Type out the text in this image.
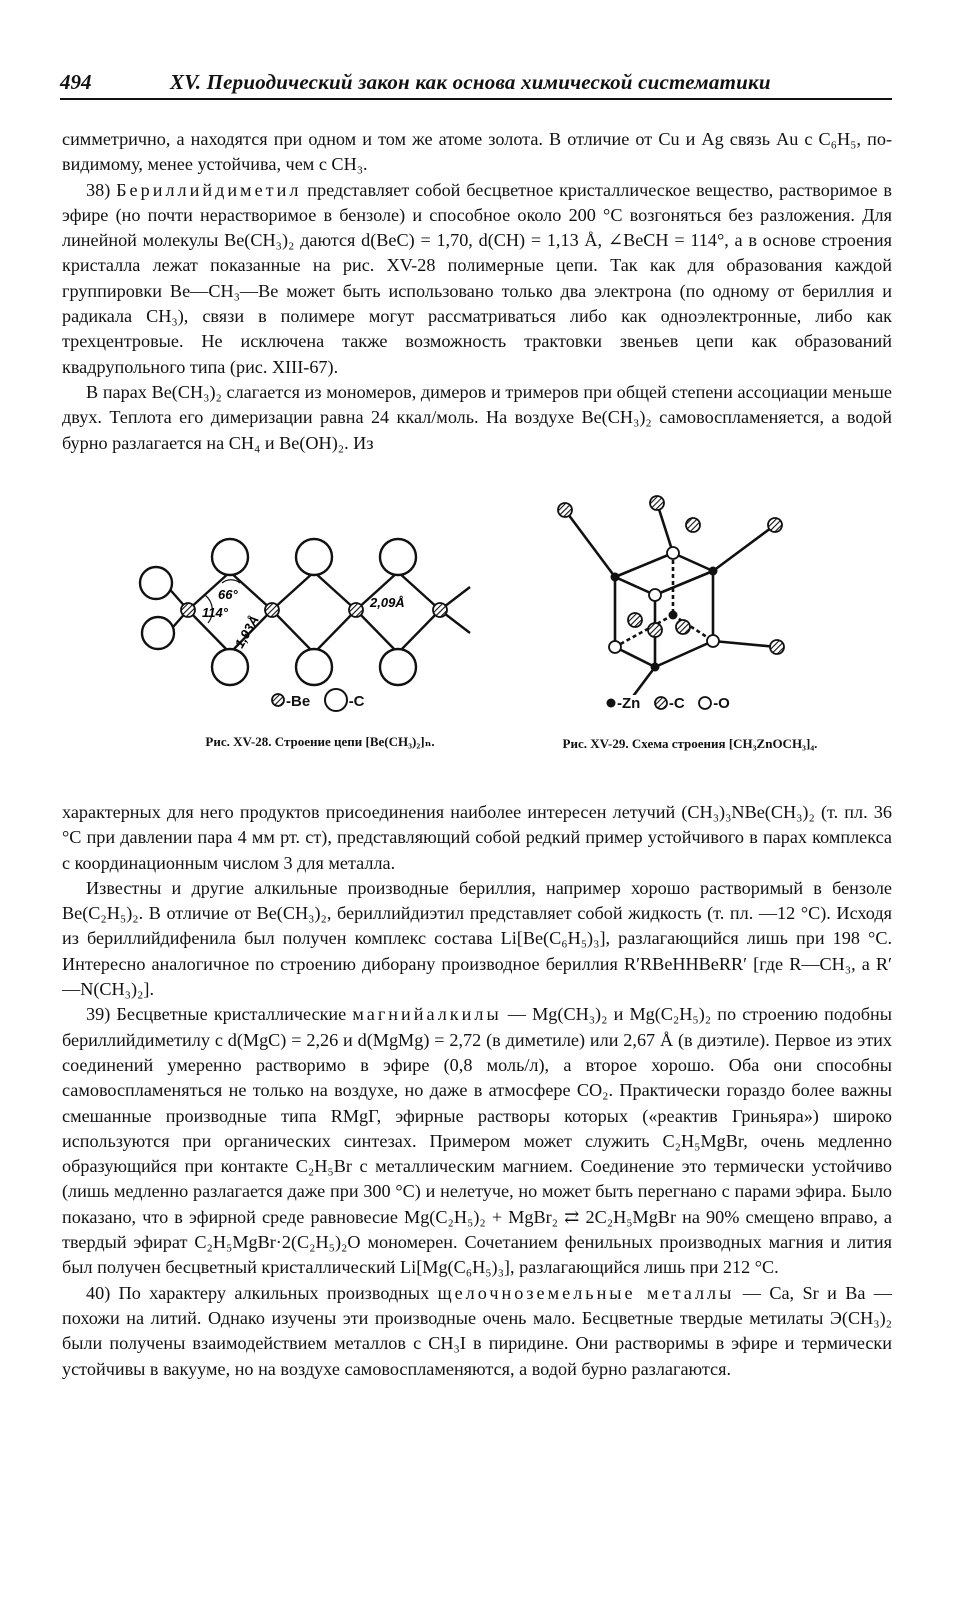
494	XV. Периодический закон как основа химической систематики

симметрично, а находятся при одном и том же атоме золота. В отличие от Cu и Ag связь Au с C₆H₅, по-видимому, менее устойчива, чем с CH₃.

38) Бериллийдиметил представляет собой бесцветное кристаллическое вещество, растворимое в эфире (но почти нерастворимое в бензоле) и способное около 200 °С возгоняться без разложения. Для линейной молекулы Be(CH₃)₂ даются d(BeC) = 1,70, d(CH) = 1,13 Å, ∠BeCH = 114°, а в основе строения кристалла лежат показанные на рис. XV-28 полимерные цепи. Так как для образования каждой группировки Be—CH₃—Be может быть использовано только два электрона (по одному от бериллия и радикала CH₃), связи в полимере могут рассматриваться либо как одноэлектронные, либо как трехцентровые. Не исключена также возможность трактовки звеньев цепи как образований квадрупольного типа (рис. XIII-67).

В парах Be(CH₃)₂ слагается из мономеров, димеров и тримеров при общей степени ассоциации меньше двух. Теплота его димеризации равна 24 ккал/моль. На воздухе Be(CH₃)₂ самовоспламеняется, а водой бурно разлагается на CH₄ и Be(OH)₂. Из

114°
66°
1,93Å
2,09Å
-Be	-C
Рис. XV-28. Строение цепи [Be(CH₃)₂]ₙ.
-Zn -C -O
Рис. XV-29. Схема строения [CH₃ZnOCH₃]₄.

характерных для него продуктов присоединения наиболее интересен летучий (CH₃)₃NBe(CH₃)₂ (т. пл. 36 °С при давлении пара 4 мм рт. ст), представляющий собой редкий пример устойчивого в парах комплекса с координационным числом 3 для металла.

Известны и другие алкильные производные бериллия, например хорошо растворимый в бензоле Be(C₂H₅)₂. В отличие от Be(CH₃)₂, бериллийдиэтил представляет собой жидкость (т. пл. —12 °С). Исходя из бериллийдифенила был получен комплекс состава Li[Be(C₆H₅)₃], разлагающийся лишь при 198 °С. Интересно аналогичное по строению диборану производное бериллия R′RBeHHBeRR′ [где R—CH₃, а R′—N(CH₃)₂].

39) Бесцветные кристаллические магнийалкилы — Mg(CH₃)₂ и Mg(C₂H₅)₂ по строению подобны бериллийдиметилу с d(MgC) = 2,26 и d(MgMg) = 2,72 (в диметиле) или 2,67 Å (в диэтиле). Первое из этих соединений умеренно растворимо в эфире (0,8 моль/л), а второе хорошо. Оба они способны самовоспламеняться не только на воздухе, но даже в атмосфере CO₂. Практически гораздо более важны смешанные производные типа RMgГ, эфирные растворы которых («реактив Гриньяра») широко используются при органических синтезах. Примером может служить C₂H₅MgBr, очень медленно образующийся при контакте C₂H₅Br с металлическим магнием. Соединение это термически устойчиво (лишь медленно разлагается даже при 300 °С) и нелетуче, но может быть перегнано с парами эфира. Было показано, что в эфирной среде равновесие Mg(C₂H₅)₂ + MgBr₂ ⇄ 2C₂H₅MgBr на 90% смещено вправо, а твердый эфират C₂H₅MgBr·2(C₂H₅)₂O мономерен. Сочетанием фенильных производных магния и лития был получен бесцветный кристаллический Li[Mg(C₆H₅)₃], разлагающийся лишь при 212 °С.

40) По характеру алкильных производных щелочноземельные металлы — Ca, Sr и Ba — похожи на литий. Однако изучены эти производные очень мало. Бесцветные твердые метилаты Э(CH₃)₂ были получены взаимодействием металлов с CH₃I в пиридине. Они растворимы в эфире и термически устойчивы в вакууме, но на воздухе самовоспламеняются, а водой бурно разлагаются.
